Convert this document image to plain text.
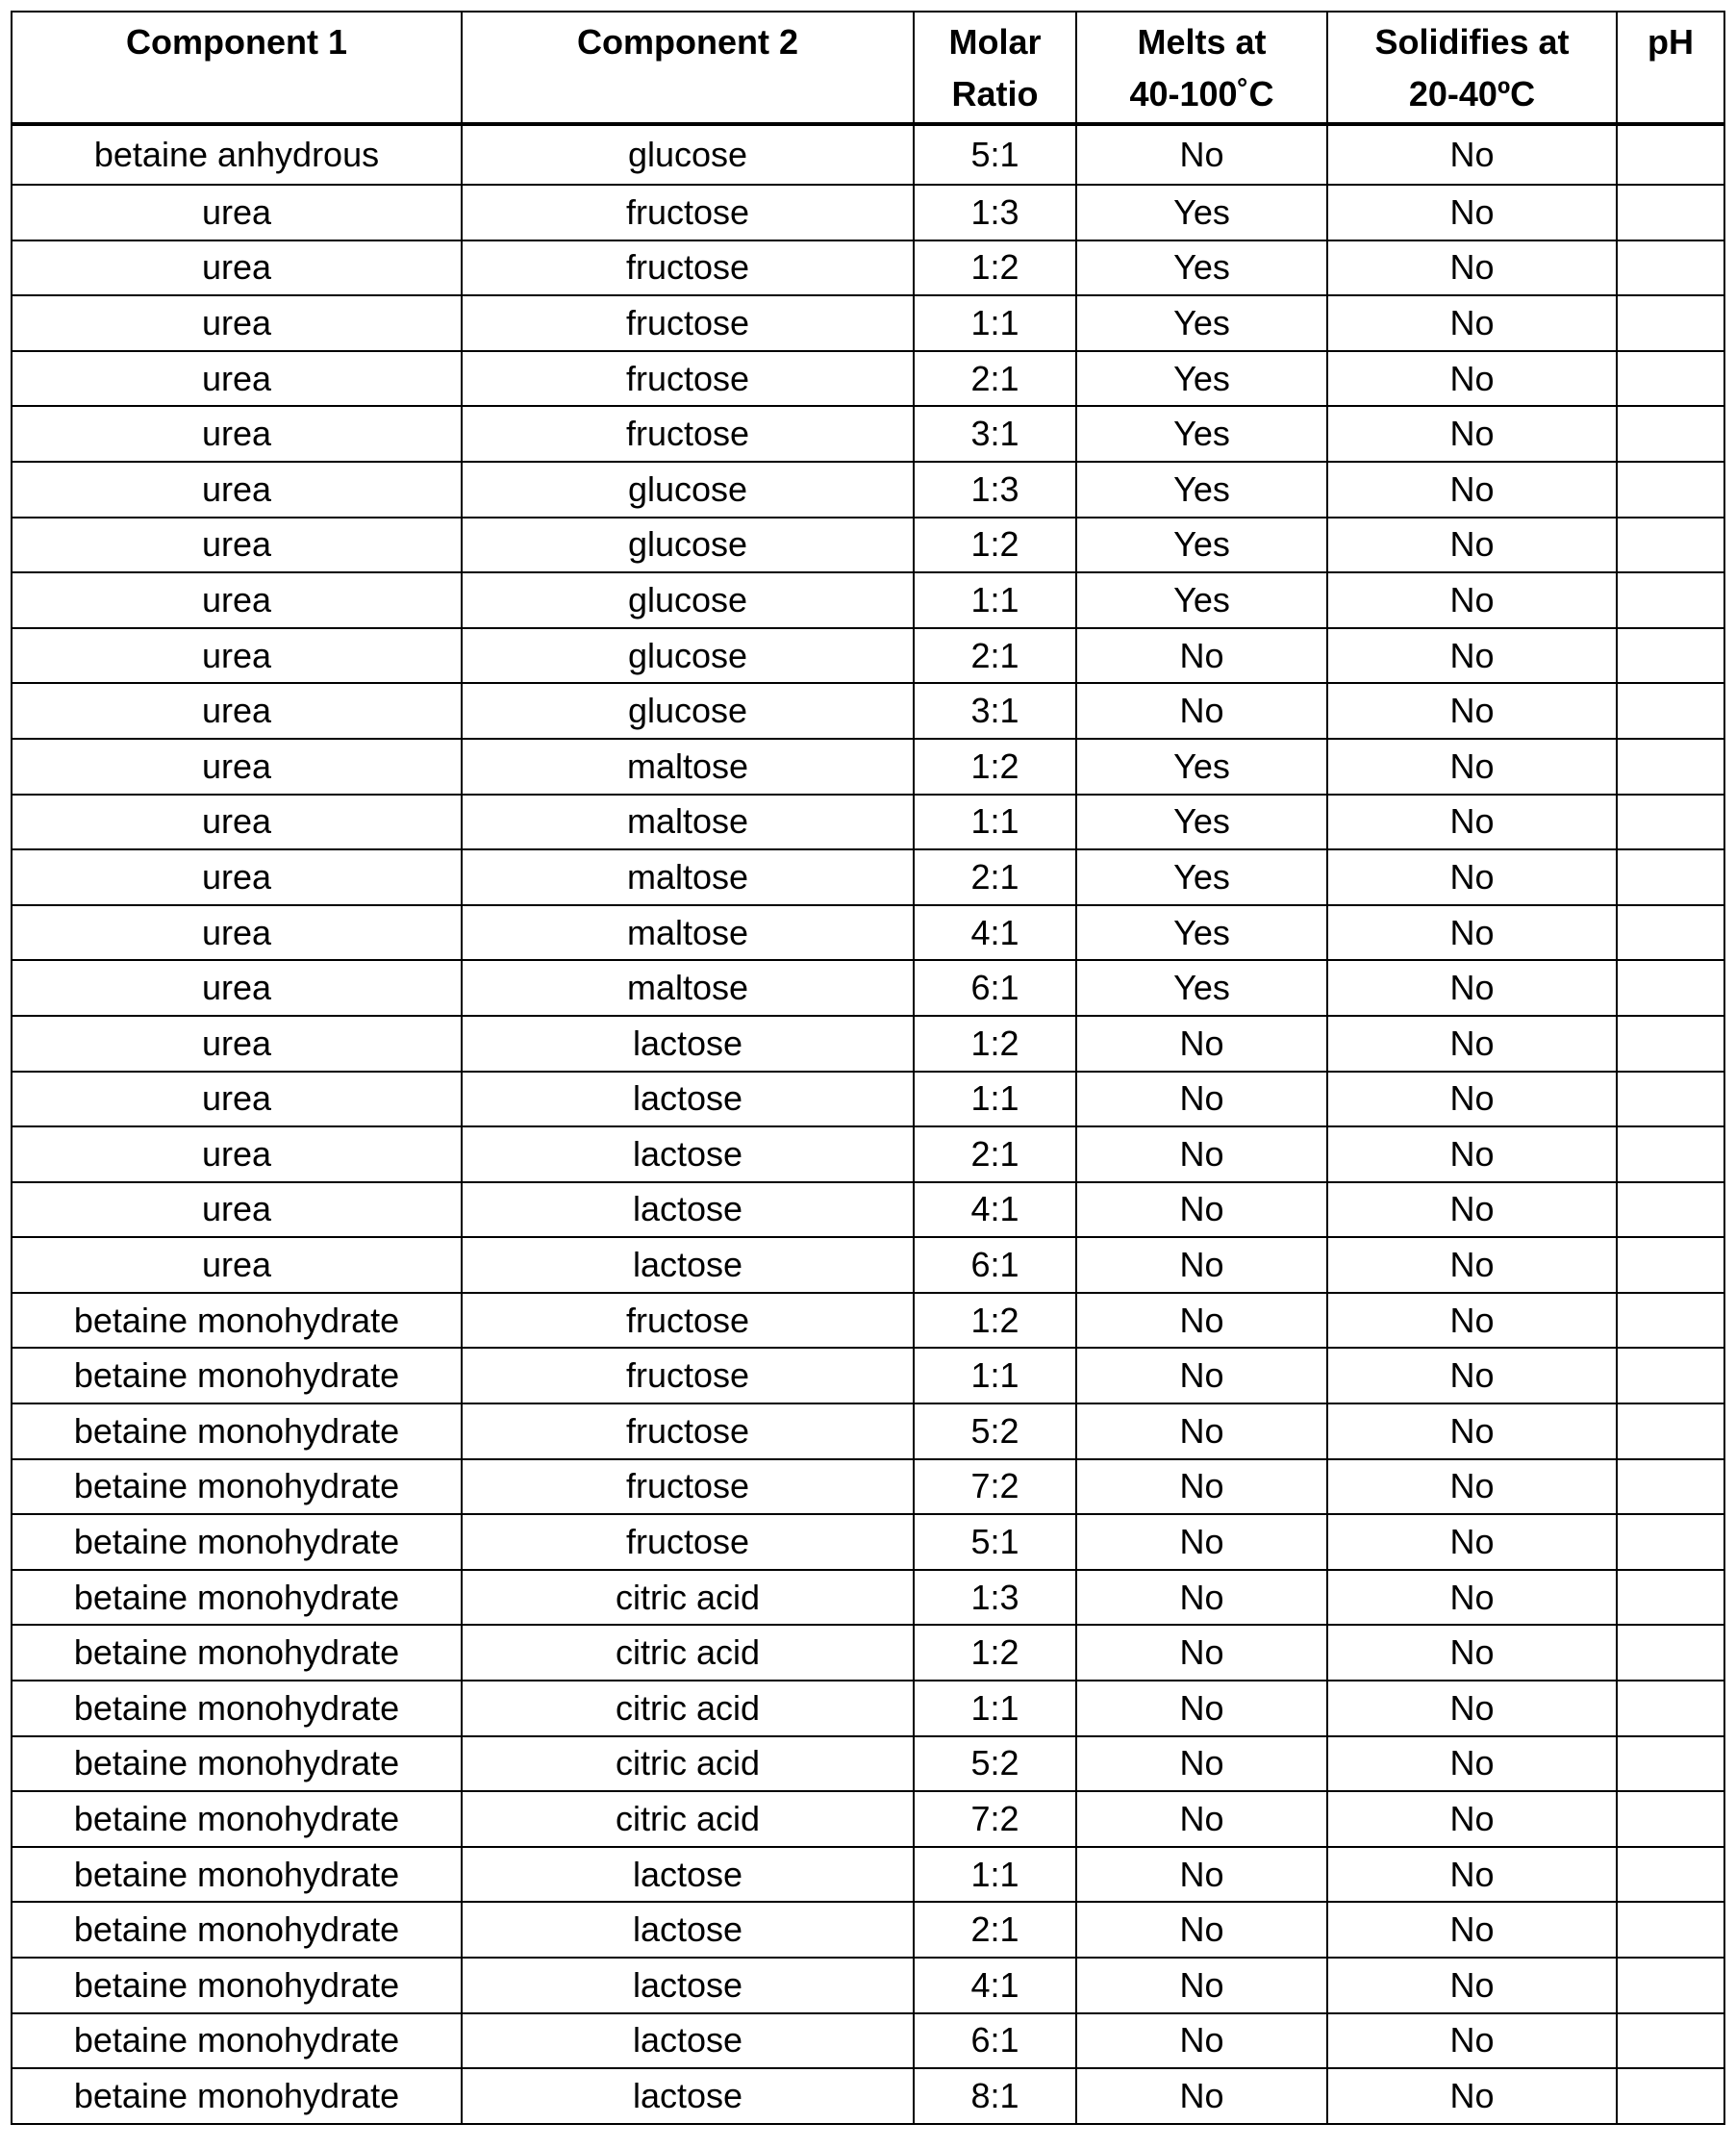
Component 1	Component 2	Molar
Ratio

Melts at
40-100˚C

Solidifies at
20-40ºC

pH

betaine anhydrous	glucose	5:1	No	No	
urea	fructose	1:3	Yes	No	
urea	fructose	1:2	Yes	No	
urea	fructose	1:1	Yes	No	
urea	fructose	2:1	Yes	No	
urea	fructose	3:1	Yes	No	
urea	glucose	1:3	Yes	No	
urea	glucose	1:2	Yes	No	
urea	glucose	1:1	Yes	No	
urea	glucose	2:1	No	No	
urea	glucose	3:1	No	No	
urea	maltose	1:2	Yes	No	
urea	maltose	1:1	Yes	No	
urea	maltose	2:1	Yes	No	
urea	maltose	4:1	Yes	No	
urea	maltose	6:1	Yes	No	
urea	lactose	1:2	No	No	
urea	lactose	1:1	No	No	
urea	lactose	2:1	No	No	
urea	lactose	4:1	No	No	
urea	lactose	6:1	No	No	
betaine monohydrate	fructose	1:2	No	No	
betaine monohydrate	fructose	1:1	No	No	
betaine monohydrate	fructose	5:2	No	No	
betaine monohydrate	fructose	7:2	No	No	
betaine monohydrate	fructose	5:1	No	No	
betaine monohydrate	citric acid	1:3	No	No	
betaine monohydrate	citric acid	1:2	No	No	
betaine monohydrate	citric acid	1:1	No	No	
betaine monohydrate	citric acid	5:2	No	No	
betaine monohydrate	citric acid	7:2	No	No	
betaine monohydrate	lactose	1:1	No	No	
betaine monohydrate	lactose	2:1	No	No	
betaine monohydrate	lactose	4:1	No	No	
betaine monohydrate	lactose	6:1	No	No	
betaine monohydrate	lactose	8:1	No	No	
